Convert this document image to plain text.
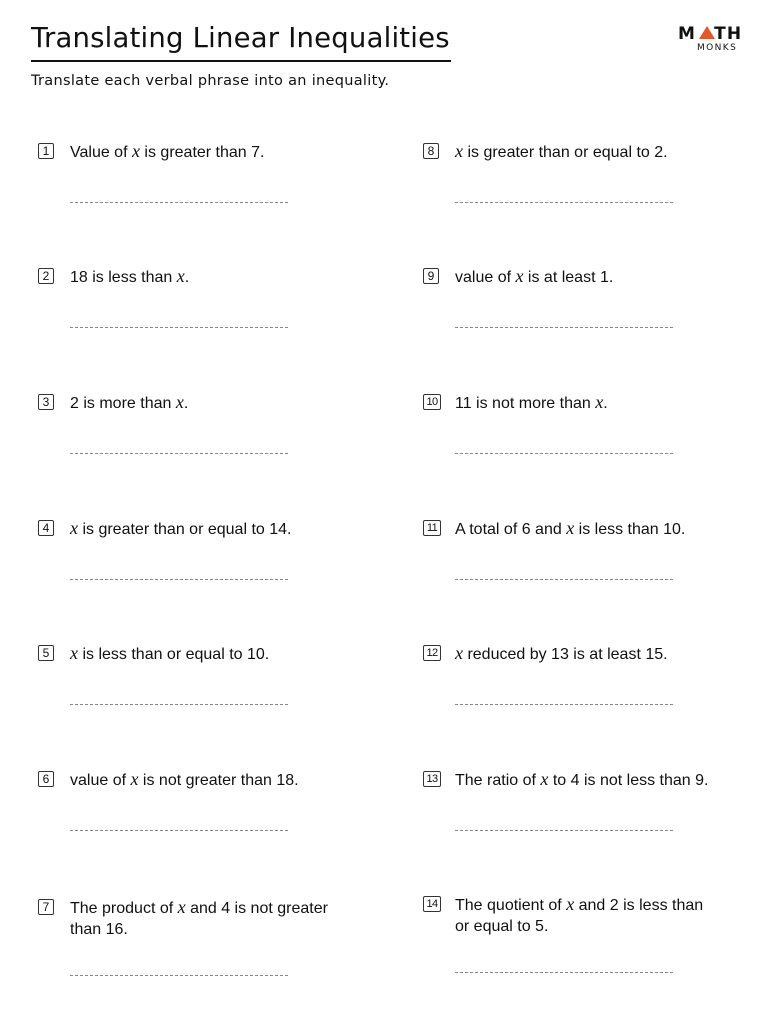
Translating Linear Inequalities	M TH
MONKS
Translate each verbal phrase into an inequality.
1 Value of x is greater than 7.
2 18 is less than x.
3 2 is more than x.
4 x is greater than or equal to 14.
5 x is less than or equal to 10.
6 value of x is not greater than 18.
7 The product of x and 4 is not greater
than 16.
8 x is greater than or equal to 2.
9 value of x is at least 1.
10 11 is not more than x.
11 A total of 6 and x is less than 10.
12 x reduced by 13 is at least 15.
13 The ratio of x to 4 is not less than 9.
14 The quotient of x and 2 is less than
or equal to 5.
